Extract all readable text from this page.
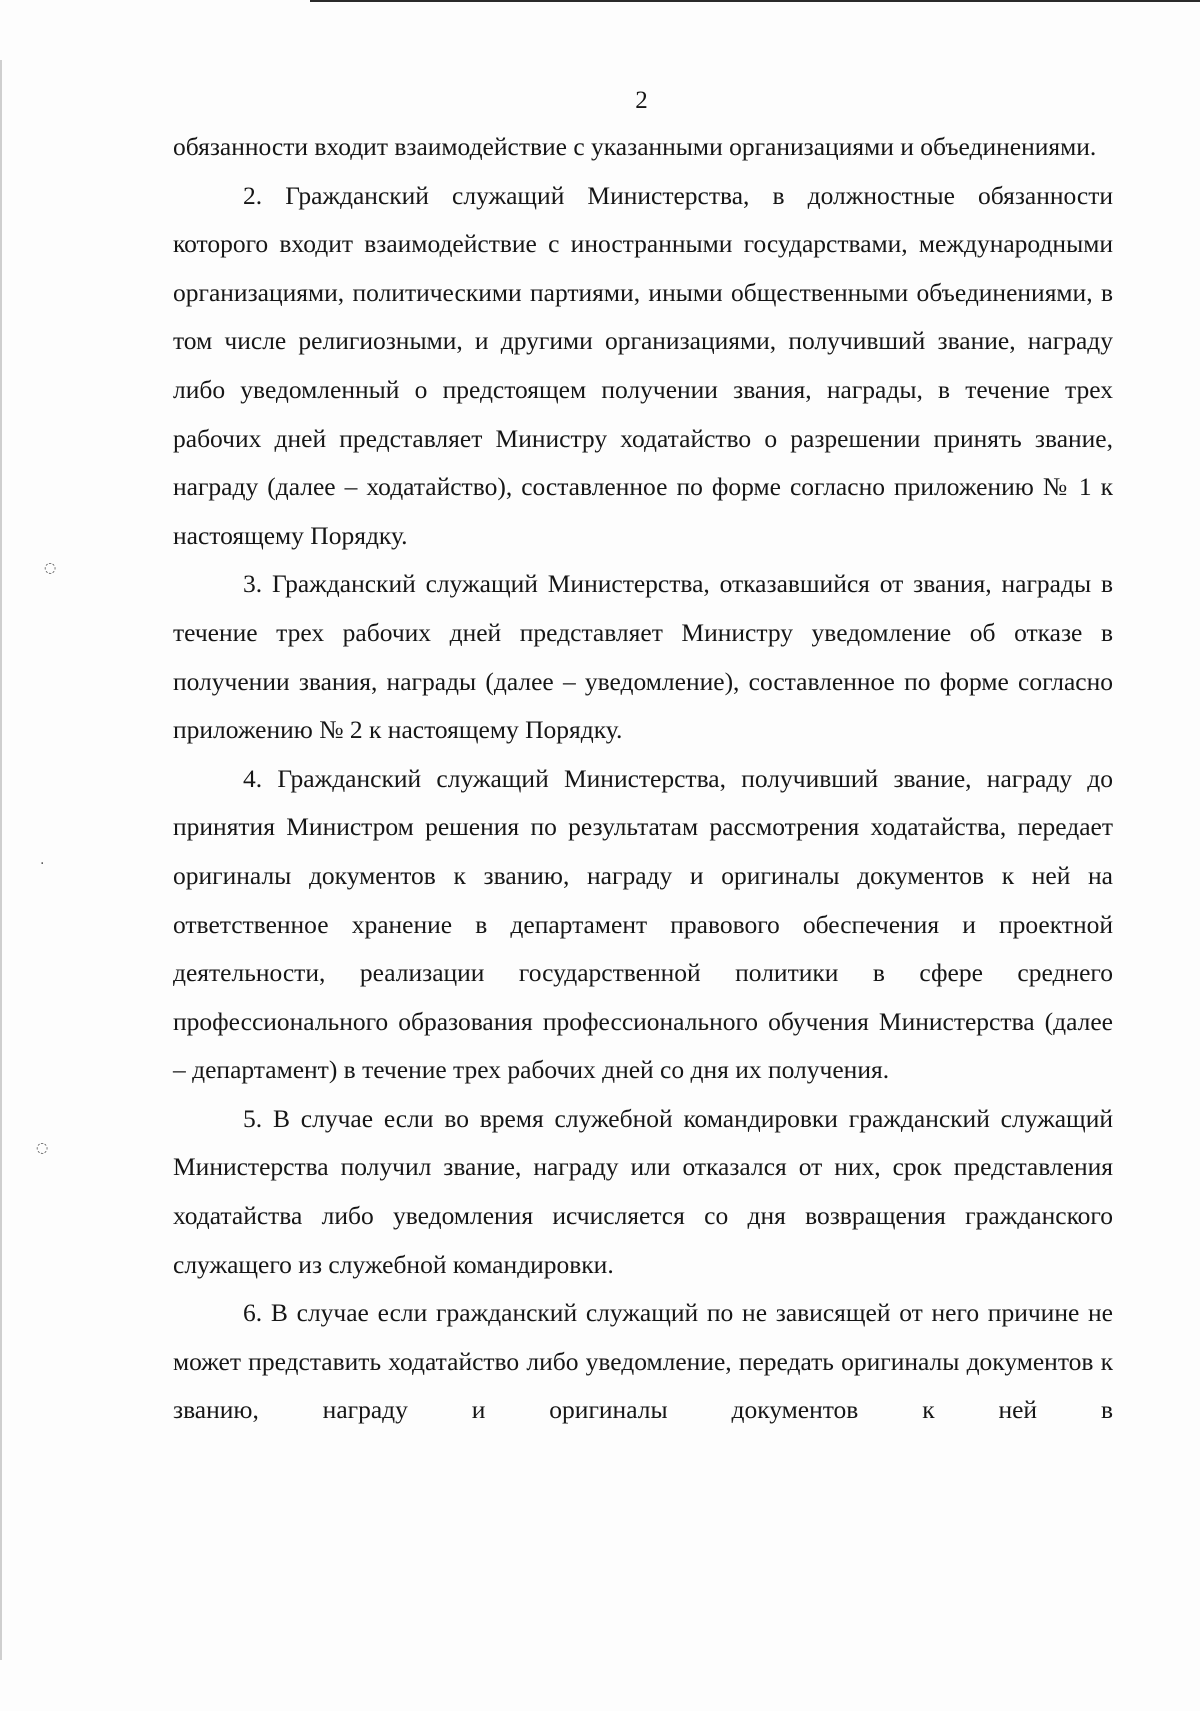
2

обязанности входит взаимодействие с указанными организациями и объединениями.

2. Гражданский служащий Министерства, в должностные обязанности которого входит взаимодействие с иностранными государствами, международными организациями, политическими партиями, иными общественными объединениями, в том числе религиозными, и другими организациями, получивший звание, награду либо уведомленный о предстоящем получении звания, награды, в течение трех рабочих дней представляет Министру ходатайство о разрешении принять звание, награду (далее – ходатайство), составленное по форме согласно приложению № 1 к настоящему Порядку.

3. Гражданский служащий Министерства, отказавшийся от звания, награды в течение трех рабочих дней представляет Министру уведомление об отказе в получении звания, награды (далее – уведомление), составленное по форме согласно приложению № 2 к настоящему Порядку.

4. Гражданский служащий Министерства, получивший звание, награду до принятия Министром решения по результатам рассмотрения ходатайства, передает оригиналы документов к званию, награду и оригиналы документов к ней на ответственное хранение в департамент правового обеспечения и проектной деятельности, реализации государственной политики в сфере среднего профессионального образования профессионального обучения Министерства (далее – департамент) в течение трех рабочих дней со дня их получения.

5. В случае если во время служебной командировки гражданский служащий Министерства получил звание, награду или отказался от них, срок представления ходатайства либо уведомления исчисляется со дня возвращения гражданского служащего из служебной командировки.

6. В случае если гражданский служащий по не зависящей от него причине не может представить ходатайство либо уведомление, передать оригиналы документов к званию, награду и оригиналы документов к ней в

◌
·
◌
